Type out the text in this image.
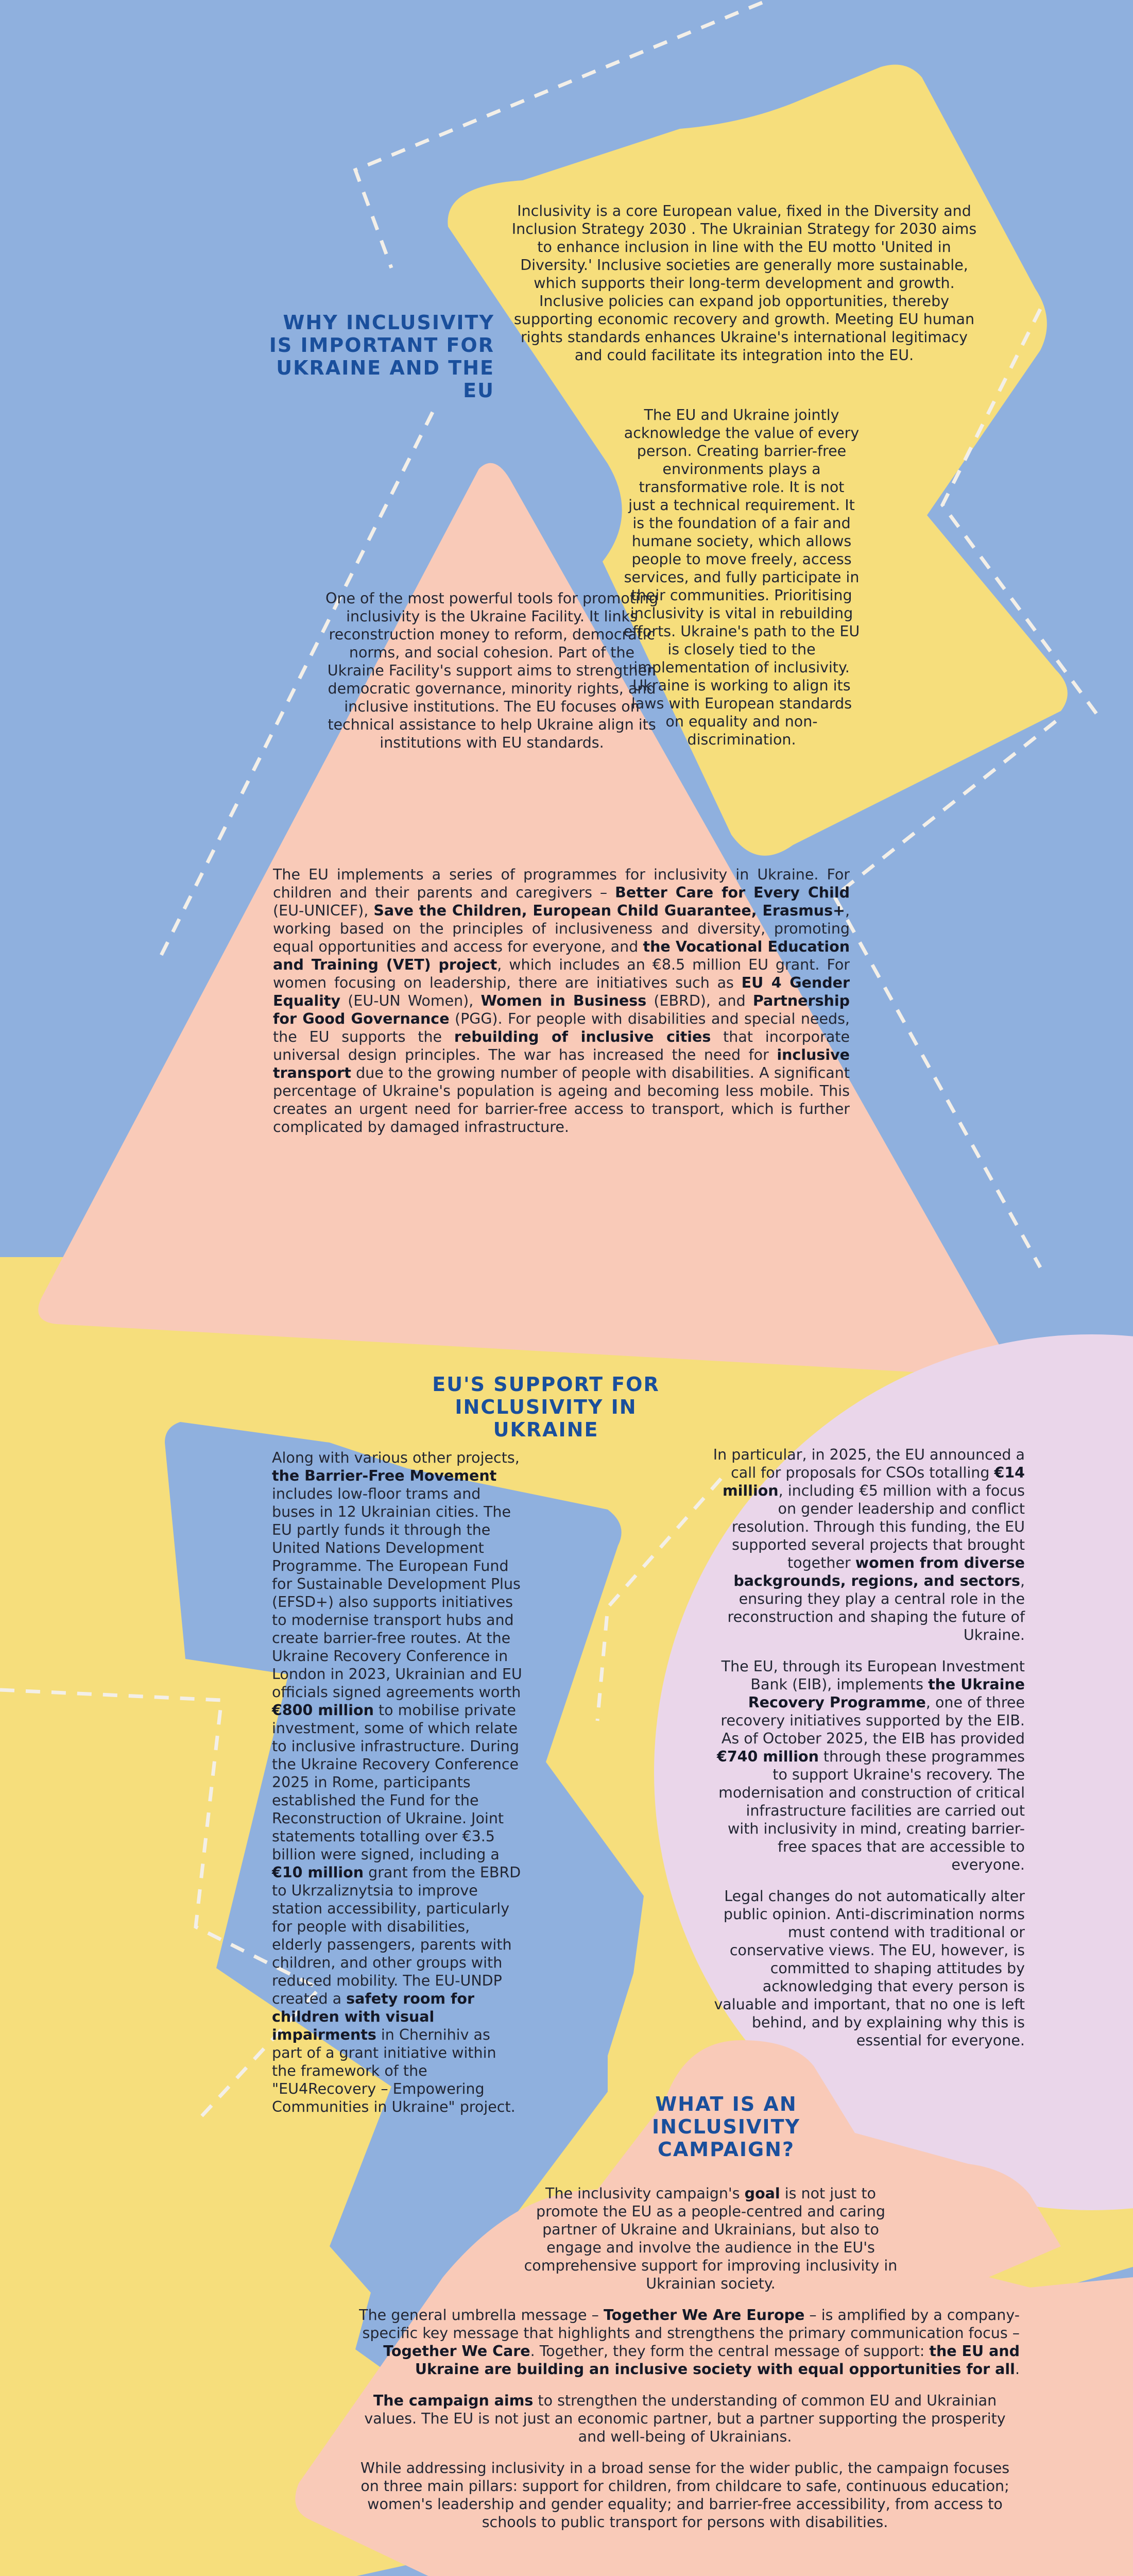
WHY INCLUSIVITY IS IMPORTANT FOR UKRAINE AND THE EU

Inclusivity is a core European value, fixed in the Diversity and Inclusion Strategy 2030 . The Ukrainian Strategy for 2030 aims to enhance inclusion in line with the EU motto 'United in Diversity.' Inclusive societies are generally more sustainable, which supports their long-term development and growth. Inclusive policies can expand job opportunities, thereby supporting economic recovery and growth. Meeting EU human rights standards enhances Ukraine's international legitimacy and could facilitate its integration into the EU.

The EU and Ukraine jointly acknowledge the value of every person. Creating barrier-free environments plays a transformative role. It is not just a technical requirement. It is the foundation of a fair and humane society, which allows people to move freely, access services, and fully participate in their communities. Prioritising inclusivity is vital in rebuilding efforts. Ukraine's path to the EU is closely tied to the implementation of inclusivity. Ukraine is working to align its laws with European standards on equality and non-discrimination.

One of the most powerful tools for promoting inclusivity is the Ukraine Facility. It links reconstruction money to reform, democratic norms, and social cohesion. Part of the Ukraine Facility's support aims to strengthen democratic governance, minority rights, and inclusive institutions. The EU focuses on technical assistance to help Ukraine align its institutions with EU standards.

The EU implements a series of programmes for inclusivity in Ukraine. For children and their parents and caregivers – Better Care for Every Child (EU-UNICEF), Save the Children, European Child Guarantee, Erasmus+, working based on the principles of inclusiveness and diversity, promoting equal opportunities and access for everyone, and the Vocational Education and Training (VET) project, which includes an €8.5 million EU grant. For women focusing on leadership, there are initiatives such as EU 4 Gender Equality (EU-UN Women), Women in Business (EBRD), and Partnership for Good Governance (PGG). For people with disabilities and special needs, the EU supports the rebuilding of inclusive cities that incorporate universal design principles. The war has increased the need for inclusive transport due to the growing number of people with disabilities. A significant percentage of Ukraine's population is ageing and becoming less mobile. This creates an urgent need for barrier-free access to transport, which is further complicated by damaged infrastructure.

EU'S SUPPORT FOR INCLUSIVITY IN UKRAINE

Along with various other projects, the Barrier-Free Movement includes low-floor trams and buses in 12 Ukrainian cities. The EU partly funds it through the United Nations Development Programme. The European Fund for Sustainable Development Plus (EFSD+) also supports initiatives to modernise transport hubs and create barrier-free routes. At the Ukraine Recovery Conference in London in 2023, Ukrainian and EU officials signed agreements worth €800 million to mobilise private investment, some of which relate to inclusive infrastructure. During the Ukraine Recovery Conference 2025 in Rome, participants established the Fund for the Reconstruction of Ukraine. Joint statements totalling over €3.5 billion were signed, including a €10 million grant from the EBRD to Ukrzaliznytsia to improve station accessibility, particularly for people with disabilities, elderly passengers, parents with children, and other groups with reduced mobility. The EU-UNDP created a safety room for children with visual impairments in Chernihiv as part of a grant initiative within the framework of the "EU4Recovery – Empowering Communities in Ukraine" project.

In particular, in 2025, the EU announced a call for proposals for CSOs totalling €14 million, including €5 million with a focus on gender leadership and conflict resolution. Through this funding, the EU supported several projects that brought together women from diverse backgrounds, regions, and sectors, ensuring they play a central role in the reconstruction and shaping the future of Ukraine.

The EU, through its European Investment Bank (EIB), implements the Ukraine Recovery Programme, one of three recovery initiatives supported by the EIB. As of October 2025, the EIB has provided €740 million through these programmes to support Ukraine's recovery. The modernisation and construction of critical infrastructure facilities are carried out with inclusivity in mind, creating barrier-free spaces that are accessible to everyone.

Legal changes do not automatically alter public opinion. Anti-discrimination norms must contend with traditional or conservative views. The EU, however, is committed to shaping attitudes by acknowledging that every person is valuable and important, that no one is left behind, and by explaining why this is essential for everyone.

WHAT IS AN INCLUSIVITY CAMPAIGN?

The inclusivity campaign's goal is not just to promote the EU as a people-centred and caring partner of Ukraine and Ukrainians, but also to engage and involve the audience in the EU's comprehensive support for improving inclusivity in Ukrainian society.

The general umbrella message – Together We Are Europe – is amplified by a company-specific key message that highlights and strengthens the primary communication focus – Together We Care. Together, they form the central message of support: the EU and Ukraine are building an inclusive society with equal opportunities for all.

The campaign aims to strengthen the understanding of common EU and Ukrainian values. The EU is not just an economic partner, but a partner supporting the prosperity and well-being of Ukrainians.

While addressing inclusivity in a broad sense for the wider public, the campaign focuses on three main pillars: support for children, from childcare to safe, continuous education; women's leadership and gender equality; and barrier-free accessibility, from access to schools to public transport for persons with disabilities.
